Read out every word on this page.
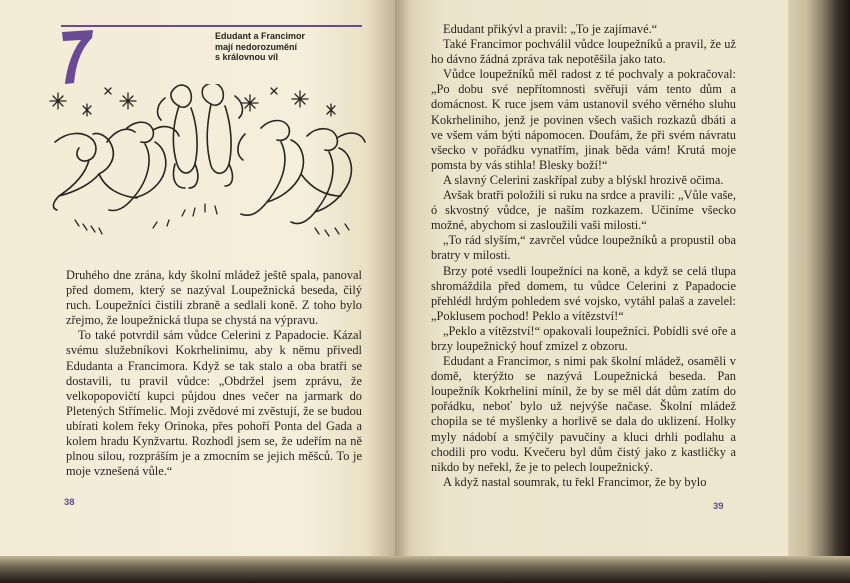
Edudant a Francimor
mají nedorozumění
s královnou víl

Druhého dne zrána, kdy školní mládež ještě spala, panoval před domem, který se nazýval Loupežnická beseda, čilý ruch. Loupežníci čistili zbraně a sedlali koně. Z toho bylo zřejmo, že loupežnická tlupa se chystá na výpravu.

To také potvrdil sám vůdce Celerini z Papadocie. Kázal svému služebníkovi Kokrhelinimu, aby k němu přivedl Edudanta a Francimora. Když se tak stalo a oba bratři se dostavili, tu pravil vůdce: „Obdržel jsem zprávu, že velkopopovičtí kupci půjdou dnes večer na jarmark do Pletených Střímelic. Moji zvědové mi zvěstují, že se budou ubírati kolem řeky Orinoka, přes pohoří Ponta del Gada a kolem hradu Kynžvartu. Rozhodl jsem se, že udeřím na ně plnou silou, rozpráším je a zmocním se jejich měšců. To je moje vznešená vůle.“

38

Edudant přikývl a pravil: „To je zajímavé.“

Také Francimor pochválil vůdce loupežníků a pravil, že už ho dávno žádná zpráva tak nepotěšila jako tato.

Vůdce loupežníků měl radost z té pochvaly a pokračoval: „Po dobu své nepřítomnosti svěřuji vám tento dům a domácnost. K ruce jsem vám ustanovil svého věrného sluhu Kokrheliniho, jenž je povinen všech vašich rozkazů dbáti a ve všem vám býti nápomocen. Doufám, že při svém návratu všecko v pořádku vynatřím, jinak běda vám! Krutá moje pomsta by vás stihla! Blesky boží!“

A slavný Celerini zaskřípal zuby a blýskl hrozivě očima.

Avšak bratři položili si ruku na srdce a pravili: „Vůle vaše, ó skvostný vůdce, je naším rozkazem. Učiníme všecko možné, abychom si zasloužili vaši milosti.“

„To rád slyším,“ zavrčel vůdce loupežníků a propustil oba bratry v milosti.

Brzy poté vsedli loupežníci na koně, a když se celá tlupa shromáždila před domem, tu vůdce Celerini z Papadocie přehlédl hrdým pohledem své vojsko, vytáhl palaš a zavelel: „Poklusem pochod! Peklo a vítězství!“

„Peklo a vítězství!“ opakovali loupežníci. Pobídli své oře a brzy loupežnický houf zmizel z obzoru.

Edudant a Francimor, s nimi pak školní mládež, osaměli v domě, kterýžto se nazývá Loupežnická beseda. Pan loupežník Kokrhelini mínil, že by se měl dát dům zatím do pořádku, neboť bylo už nejvýše načase. Školní mládež chopila se té myšlenky a horlivě se dala do uklizení. Holky myly nádobí a smýčily pavučiny a kluci drhli podlahu a chodili pro vodu. Kvečeru byl dům čistý jako z kastličky a nikdo by neřekl, že je to pelech loupežnický.

A když nastal soumrak, tu řekl Francimor, že by bylo

39
